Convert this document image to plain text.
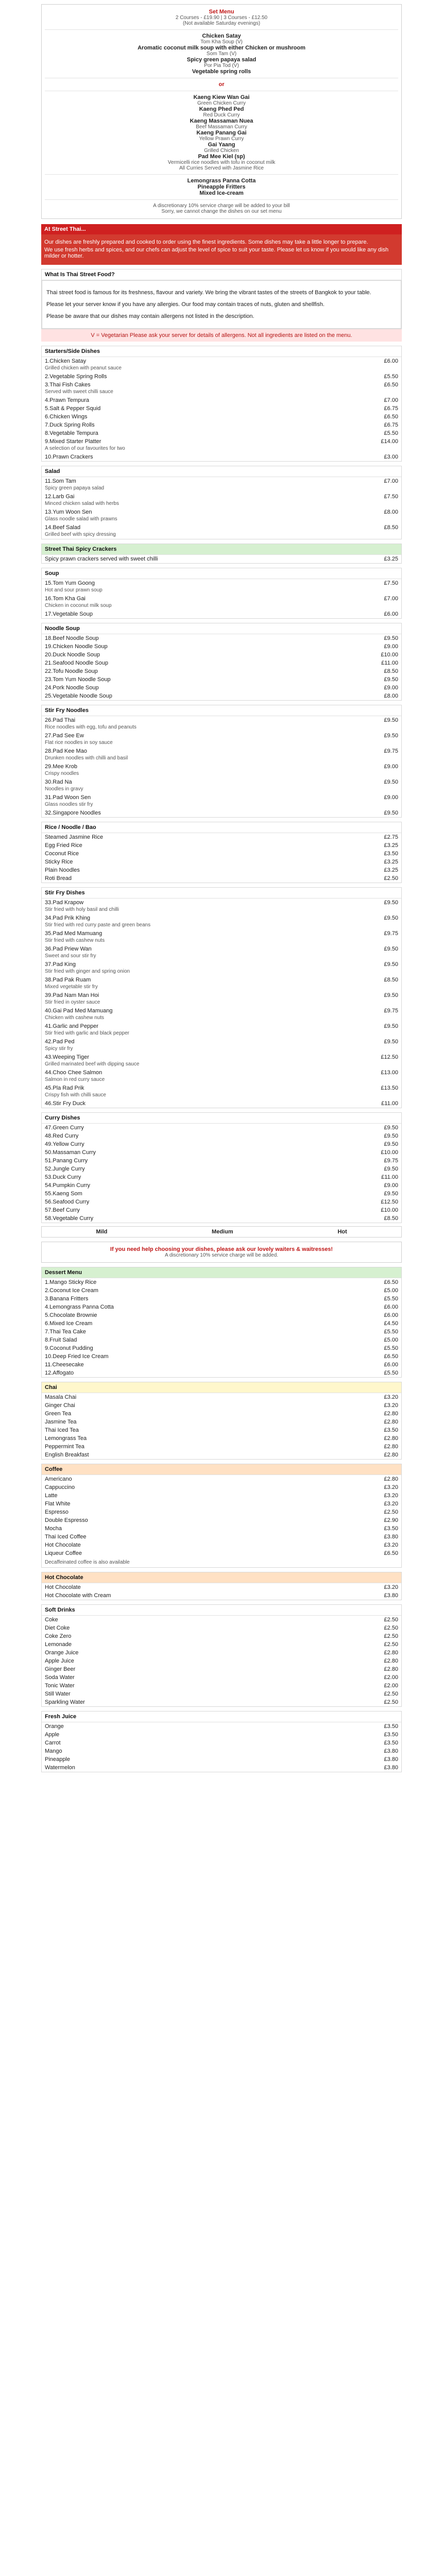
Set Menu
2 Courses - £19.90 | 3 Courses - £12.50
(Not available Saturday evenings)
Chicken Satay
Tom Kha Soup (V)
Aromatic coconut milk soup with either Chicken or mushroom
Som Tam (V)
Spicy green papaya salad
Por Pia Tod (V)
Vegetable spring rolls
or
Kaeng Kiew Wan Gai
Green Chicken Curry
Kaeng Phed Ped
Red Duck Curry
Kaeng Massaman Nuea
Beef Massaman Curry
Kaeng Panang Gai
Yellow Prawn Curry
Gai Yaang
Grilled Chicken
Pad Mee Kiel (sp)
Vermicelli rice noodles with tofu in coconut milk
All Curries Served with Jasmine Rice
Lemongrass Panna Cotta
Pineapple Fritters
Mixed Ice-cream
A discretionary 10% service charge will be added to your bill
Sorry, we cannot change the dishes on our set menu
At Street Thai...

Our dishes are freshly prepared and cooked to order using the finest ingredients. Some dishes may take a little longer to prepare.

We use fresh herbs and spices, and our chefs can adjust the level of spice to suit your taste. Please let us know if you would like any dish milder or hotter.

What Is Thai Street Food?

Thai street food is famous for its freshness, flavour and variety. We bring the vibrant tastes of the streets of Bangkok to your table.

Please let your server know if you have any allergies. Our food may contain traces of nuts, gluten and shellfish.

Please be aware that our dishes may contain allergens not listed in the description.

V = Vegetarian Please ask your server for details of allergens. Not all ingredients are listed on the menu.
Starters/Side Dishes
1.Chicken Satay	£6.00
Grilled chicken with peanut sauce
2.Vegetable Spring Rolls	£5.50
3.Thai Fish Cakes	£6.50
Served with sweet chilli sauce
4.Prawn Tempura	£7.00
5.Salt & Pepper Squid	£6.75
6.Chicken Wings	£6.50
7.Duck Spring Rolls	£6.75
8.Vegetable Tempura	£5.50
9.Mixed Starter Platter	£14.00
A selection of our favourites for two
10.Prawn Crackers	£3.00
Salad
11.Som Tam	£7.00
Spicy green papaya salad
12.Larb Gai	£7.50
Minced chicken salad with herbs
13.Yum Woon Sen	£8.00
Glass noodle salad with prawns
14.Beef Salad	£8.50
Grilled beef with spicy dressing
Street Thai Spicy Crackers
Spicy prawn crackers served with sweet chilli	£3.25
Soup
15.Tom Yum Goong	£7.50
Hot and sour prawn soup
16.Tom Kha Gai	£7.00
Chicken in coconut milk soup
17.Vegetable Soup	£6.00
Noodle Soup
18.Beef Noodle Soup	£9.50
19.Chicken Noodle Soup	£9.00
20.Duck Noodle Soup	£10.00
21.Seafood Noodle Soup	£11.00
22.Tofu Noodle Soup	£8.50
23.Tom Yum Noodle Soup	£9.50
24.Pork Noodle Soup	£9.00
25.Vegetable Noodle Soup	£8.00
Stir Fry Noodles
26.Pad Thai	£9.50
Rice noodles with egg, tofu and peanuts
27.Pad See Ew	£9.50
Flat rice noodles in soy sauce
28.Pad Kee Mao	£9.75
Drunken noodles with chilli and basil
29.Mee Krob	£9.00
Crispy noodles
30.Rad Na	£9.50
Noodles in gravy
31.Pad Woon Sen	£9.00
Glass noodles stir fry
32.Singapore Noodles	£9.50
Rice / Noodle / Bao
Steamed Jasmine Rice	£2.75
Egg Fried Rice	£3.25
Coconut Rice	£3.50
Sticky Rice	£3.25
Plain Noodles	£3.25
Roti Bread	£2.50
Stir Fry Dishes
33.Pad Krapow	£9.50
Stir fried with holy basil and chilli
34.Pad Prik Khing	£9.50
Stir fried with red curry paste and green beans
35.Pad Med Mamuang	£9.75
Stir fried with cashew nuts
36.Pad Priew Wan	£9.50
Sweet and sour stir fry
37.Pad King	£9.50
Stir fried with ginger and spring onion
38.Pad Pak Ruam	£8.50
Mixed vegetable stir fry
39.Pad Nam Man Hoi	£9.50
Stir fried in oyster sauce
40.Gai Pad Med Mamuang	£9.75
Chicken with cashew nuts
41.Garlic and Pepper	£9.50
Stir fried with garlic and black pepper
42.Pad Ped	£9.50
Spicy stir fry
43.Weeping Tiger	£12.50
Grilled marinated beef with dipping sauce
44.Choo Chee Salmon	£13.00
Salmon in red curry sauce
45.Pla Rad Prik	£13.50
Crispy fish with chilli sauce
46.Stir Fry Duck	£11.00
Curry Dishes
47.Green Curry	£9.50
48.Red Curry	£9.50
49.Yellow Curry	£9.50
50.Massaman Curry	£10.00
51.Panang Curry	£9.75
52.Jungle Curry	£9.50
53.Duck Curry	£11.00
54.Pumpkin Curry	£9.00
55.Kaeng Som	£9.50
56.Seafood Curry	£12.50
57.Beef Curry	£10.00
58.Vegetable Curry	£8.50
Mild	Medium	Hot
If you need help choosing your dishes, please ask our lovely waiters & waitresses!
A discretionary 10% service charge will be added.
Dessert Menu
1.Mango Sticky Rice	£6.50
2.Coconut Ice Cream	£5.00
3.Banana Fritters	£5.50
4.Lemongrass Panna Cotta	£6.00
5.Chocolate Brownie	£6.00
6.Mixed Ice Cream	£4.50
7.Thai Tea Cake	£5.50
8.Fruit Salad	£5.00
9.Coconut Pudding	£5.50
10.Deep Fried Ice Cream	£6.50
11.Cheesecake	£6.00
12.Affogato	£5.50
Chai
Masala Chai	£3.20
Ginger Chai	£3.20
Green Tea	£2.80
Jasmine Tea	£2.80
Thai Iced Tea	£3.50
Lemongrass Tea	£2.80
Peppermint Tea	£2.80
English Breakfast	£2.80
Coffee
Americano	£2.80
Cappuccino	£3.20
Latte	£3.20
Flat White	£3.20
Espresso	£2.50
Double Espresso	£2.90
Mocha	£3.50
Thai Iced Coffee	£3.80
Hot Chocolate	£3.20
Liqueur Coffee	£6.50
Decaffeinated coffee is also available
Hot Chocolate
Hot Chocolate	£3.20
Hot Chocolate with Cream	£3.80
Soft Drinks
Coke	£2.50
Diet Coke	£2.50
Coke Zero	£2.50
Lemonade	£2.50
Orange Juice	£2.80
Apple Juice	£2.80
Ginger Beer	£2.80
Soda Water	£2.00
Tonic Water	£2.00
Still Water	£2.50
Sparkling Water	£2.50
Fresh Juice
Orange	£3.50
Apple	£3.50
Carrot	£3.50
Mango	£3.80
Pineapple	£3.80
Watermelon	£3.80
